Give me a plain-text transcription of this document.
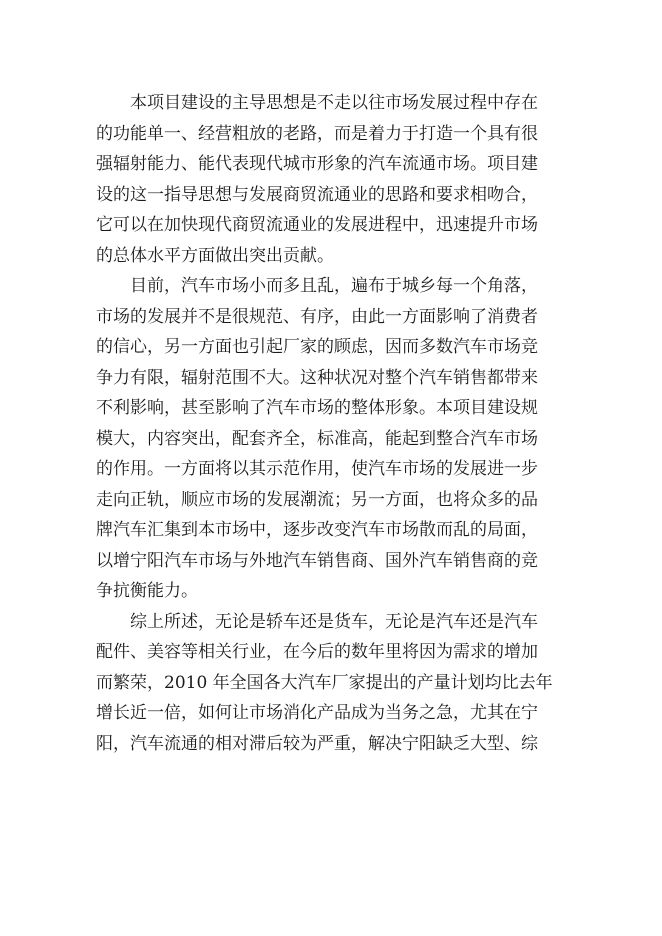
　　本项目建设的主导思想是不走以往市场发展过程中存在
的功能单一、经营粗放的老路，而是着力于打造一个具有很
强辐射能力、能代表现代城市形象的汽车流通市场。项目建
设的这一指导思想与发展商贸流通业的思路和要求相吻合，
它可以在加快现代商贸流通业的发展进程中，迅速提升市场
的总体水平方面做出突出贡献。
　　目前，汽车市场小而多且乱，遍布于城乡每一个角落，
市场的发展并不是很规范、有序，由此一方面影响了消费者
的信心，另一方面也引起厂家的顾虑，因而多数汽车市场竞
争力有限，辐射范围不大。这种状况对整个汽车销售都带来
不利影响，甚至影响了汽车市场的整体形象。本项目建设规
模大，内容突出，配套齐全，标准高，能起到整合汽车市场
的作用。一方面将以其示范作用，使汽车市场的发展进一步
走向正轨，顺应市场的发展潮流；另一方面，也将众多的品
牌汽车汇集到本市场中，逐步改变汽车市场散而乱的局面，
以增宁阳汽车市场与外地汽车销售商、国外汽车销售商的竞
争抗衡能力。
　　综上所述，无论是轿车还是货车，无论是汽车还是汽车
配件、美容等相关行业，在今后的数年里将因为需求的增加
而繁荣，2010 年全国各大汽车厂家提出的产量计划均比去年
增长近一倍，如何让市场消化产品成为当务之急，尤其在宁
阳，汽车流通的相对滞后较为严重，解决宁阳缺乏大型、综
